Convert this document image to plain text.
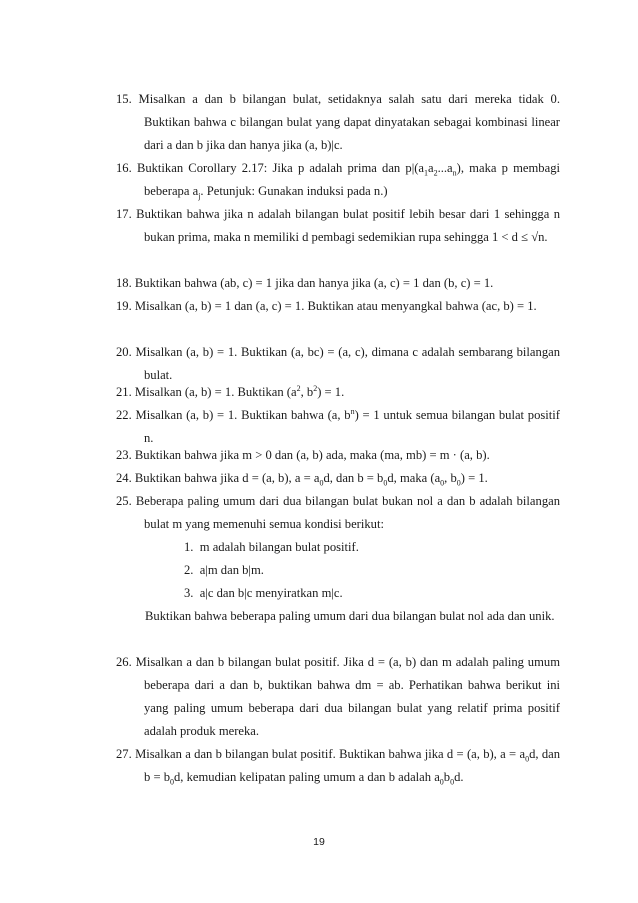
15. Misalkan a dan b bilangan bulat, setidaknya salah satu dari mereka tidak 0. Buktikan bahwa c bilangan bulat yang dapat dinyatakan sebagai kombinasi linear dari a dan b jika dan hanya jika (a, b)|c.
16. Buktikan Corollary 2.17: Jika p adalah prima dan $p|(a_1a_2...a_n)$, maka p membagi beberapa $a_j$. Petunjuk: Gunakan induksi pada n.)
17. Buktikan bahwa jika n adalah bilangan bulat positif lebih besar dari 1 sehingga n bukan prima, maka n memiliki d pembagi sedemikian rupa sehingga 1 < d ≤ √n.
18. Buktikan bahwa (ab, c) = 1 jika dan hanya jika (a, c) = 1 dan (b, c) = 1.
19. Misalkan (a, b) = 1 dan (a, c) = 1. Buktikan atau menyangkal bahwa (ac, b) = 1.
20. Misalkan (a, b) = 1. Buktikan (a, bc) = (a, c), dimana c adalah sembarang bilangan bulat.
21. Misalkan (a, b) = 1. Buktikan ($a^2$, $b^2) = 1$.
22. Misalkan (a, b) = 1. Buktikan bahwa (a, $b^n) = 1$ untuk semua bilangan bulat positif n.
23. Buktikan bahwa jika m > 0 dan (a, b) ada, maka (ma, mb) = m · (a, b).
24. Buktikan bahwa jika d = (a, b), $a = a_0d$, dan $b = b_0d$, maka ($a_0$, $b_0) = 1$.
25. Beberapa paling umum dari dua bilangan bulat bukan nol a dan b adalah bilangan bulat m yang memenuhi semua kondisi berikut:
1. m adalah bilangan bulat positif.
2. a|m dan b|m.
3. a|c dan b|c menyiratkan m|c.
Buktikan bahwa beberapa paling umum dari dua bilangan bulat nol ada dan unik.
26. Misalkan a dan b bilangan bulat positif. Jika d = (a, b) dan m adalah paling umum beberapa dari a dan b, buktikan bahwa dm = ab. Perhatikan bahwa berikut ini yang paling umum beberapa dari dua bilangan bulat yang relatif prima positif adalah produk mereka.
27. Misalkan a dan b bilangan bulat positif. Buktikan bahwa jika d = (a, b), $a = a_0d$, dan $b = b_0d$, kemudian kelipatan paling umum a dan b adalah $a_0b_0d$.
19
